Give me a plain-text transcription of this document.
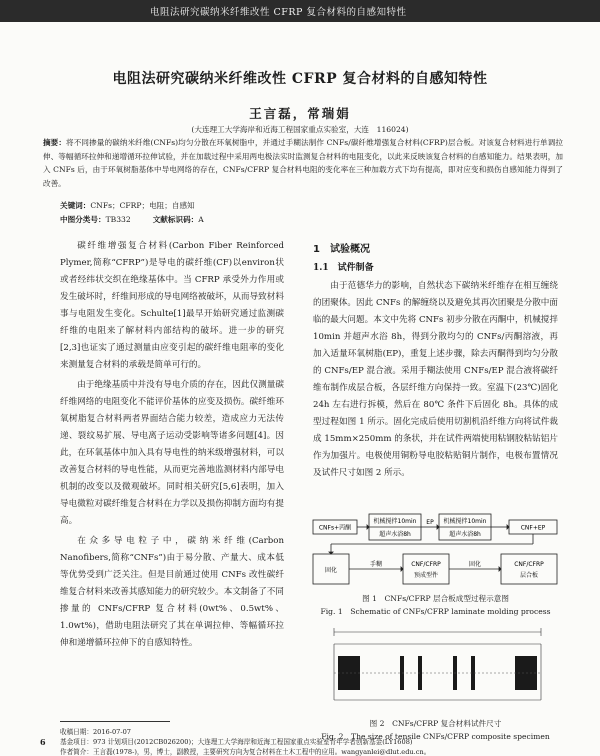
电阻法研究碳纳米纤维改性 CFRP 复合材料的自感知特性
电阻法研究碳纳米纤维改性 CFRP 复合材料的自感知特性
王言磊，常瑞娟
(大连理工大学海岸和近海工程国家重点实验室，大连　116024)
摘要：将不同掺量的碳纳米纤维(CNFs)均匀分散在环氧树脂中，并通过手糊法制作 CNFs/碳纤维增强复合材料(CFRP)层合板。对该复合材料进行单调拉伸、等幅循环拉伸和递增循环拉伸试验，并在加载过程中采用两电极法实时监测复合材料的电阻变化，以此来反映该复合材料的自感知能力。结果表明，加入 CNFs 后，由于环氧树脂基体中导电网络的存在，CNFs/CFRP 复合材料电阻的变化率在三种加载方式下均有提高，即对应变和损伤自感知能力得到了改善。
关键词：CNFs；CFRP；电阻；自感知
中图分类号：TB332	文献标识码：A

碳纤维增强复合材料(Carbon Fiber Reinforced Plymer,简称“CFRP”)是导电的碳纤维(CF)以environ状或者经纬状交织在绝缘基体中。当 CFRP 承受外力作用或发生破坏时，纤维间形成的导电网络被破坏，从而导致材料事与电阻发生变化。Schulte[1]最早开始研究通过监测碳纤维的电阻来了解材料内部结构的破坏。进一步的研究[2,3]也证实了通过测量由应变引起的碳纤维电阻率的变化来测量复合材料的承载是简单可行的。

由于绝缘基质中并没有导电介质的存在，因此仅测量碳纤维网络的电阻变化不能评价基体的应变及损伤。碳纤维环氧树脂复合材料两者界面结合能力较差，造成应力无法传递、裂纹易扩展、导电离子运动受影响等诸多问题[4]。因此，在环氧基体中加入具有导电性的纳米级增强材料，可以改善复合材料的导电性能，从而更完善地监测材料内部导电机制的改变以及微观破坏。同时相关研究[5,6]表明，加入导电微粒对碳纤维复合材料在力学以及损伤抑制方面均有提高。

在众多导电粒子中，碳纳米纤维(Carbon Nanofibers,简称“CNFs”)由于易分散、产量大、成本低等优势受到广泛关注。但是目前通过使用 CNFs 改性碳纤维复合材料来改善其感知能力的研究较少。本文制备了不同掺量的 CNFs/CFRP 复合材料(0wt%、0.5wt%、1.0wt%)，借助电阻法研究了其在单调拉伸、等幅循环拉伸和递增循环拉伸下的自感知特性。

1　试验概况
1.1　试件制备

由于范德华力的影响，自然状态下碳纳米纤维存在相互缠绕的团聚体。因此 CNFs 的解缠绕以及避免其再次团聚是分散中面临的最大问题。本文中先将 CNFs 初步分散在丙酮中，机械搅拌 10min 并超声水浴 8h，得到分散均匀的 CNFs/丙酮溶液，再加入适量环氧树脂(EP)，重复上述步骤，除去丙酮得到均匀分散的 CNFs/EP 混合液。采用手糊法使用 CNFs/EP 混合液将碳纤维布制作成层合板，各层纤维方向保持一致。室温下(23℃)固化 24h 左右进行拆模，然后在 80℃ 条件下后固化 8h。具体的成型过程如图 1 所示。固化完成后使用切割机沿纤维方向将试件裁成 15mm×250mm 的条状，并在试件两端使用粘钢胶粘钻铝片作为加强片。电极使用铜粉导电胶粘贴铜片制作，电极布置情况及试件尺寸如图 2 所示。

CNFs+丙酮
机械搅拌10min
超声水浴8h
EP 机械搅拌10min
超声水浴8h
CNF+EP
固化
手糊	CNF/CFRP
预成型件
固化	CNF/CFRP
层合板
图 1　CNFs/CFRP 层合板成型过程示意图
Fig. 1　Schematic of CNFs/CFRP laminate molding process
图 2　CNFs/CFRP 复合材料试件尺寸
Fig. 2　The size of tensile CNFs/CFRP composite specimen
收稿日期：2016-07-07
基金项目：973 计划项目(2012CB026200)；大连理工大学海岸和近海工程国家重点实验室青年学者创新基金(LY1608)
作者简介：王言磊(1978-)，男，博士，副教授，主要研究方向为复合材料在土木工程中的应用。wangyanlei@dlut.edu.cn。
6
